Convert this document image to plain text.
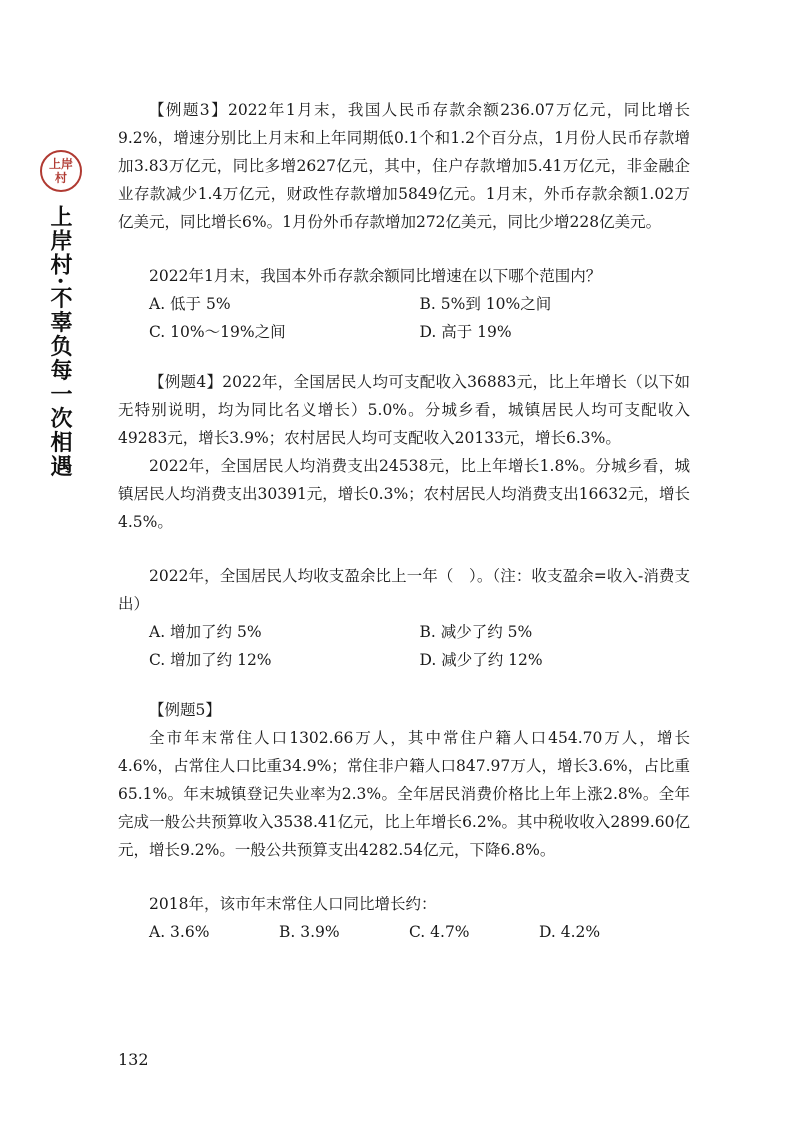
上岸村
上岸村·不辜负每一次相遇

【例题3】2022年1月末，我国人民币存款余额236.07万亿元，同比增长9.2%，增速分别比上月末和上年同期低0.1个和1.2个百分点，1月份人民币存款增加3.83万亿元，同比多增2627亿元，其中，住户存款增加5.41万亿元，非金融企业存款减少1.4万亿元，财政性存款增加5849亿元。1月末，外币存款余额1.02万亿美元，同比增长6%。1月份外币存款增加272亿美元，同比少增228亿美元。

2022年1月末，我国本外币存款余额同比增速在以下哪个范围内？

A. 低于 5%	B. 5%到 10%之间
C. 10%～19%之间	D. 高于 19%

【例题4】2022年，全国居民人均可支配收入36883元，比上年增长（以下如无特别说明，均为同比名义增长）5.0%。分城乡看，城镇居民人均可支配收入49283元，增长3.9%；农村居民人均可支配收入20133元，增长6.3%。

2022年，全国居民人均消费支出24538元，比上年增长1.8%。分城乡看，城镇居民人均消费支出30391元，增长0.3%；农村居民人均消费支出16632元，增长4.5%。

2022年，全国居民人均收支盈余比上一年（　）。（注：收支盈余=收入-消费支出）

A. 增加了约 5%	B. 减少了约 5%
C. 增加了约 12%	D. 减少了约 12%

【例题5】

全市年末常住人口1302.66万人，其中常住户籍人口454.70万人，增长4.6%，占常住人口比重34.9%；常住非户籍人口847.97万人，增长3.6%，占比重65.1%。年末城镇登记失业率为2.3%。全年居民消费价格比上年上涨2.8%。全年完成一般公共预算收入3538.41亿元，比上年增长6.2%。其中税收收入2899.60亿元，增长9.2%。一般公共预算支出4282.54亿元，下降6.8%。

2018年，该市年末常住人口同比增长约：

A. 3.6%	B. 3.9%	C. 4.7%	D. 4.2%
132
